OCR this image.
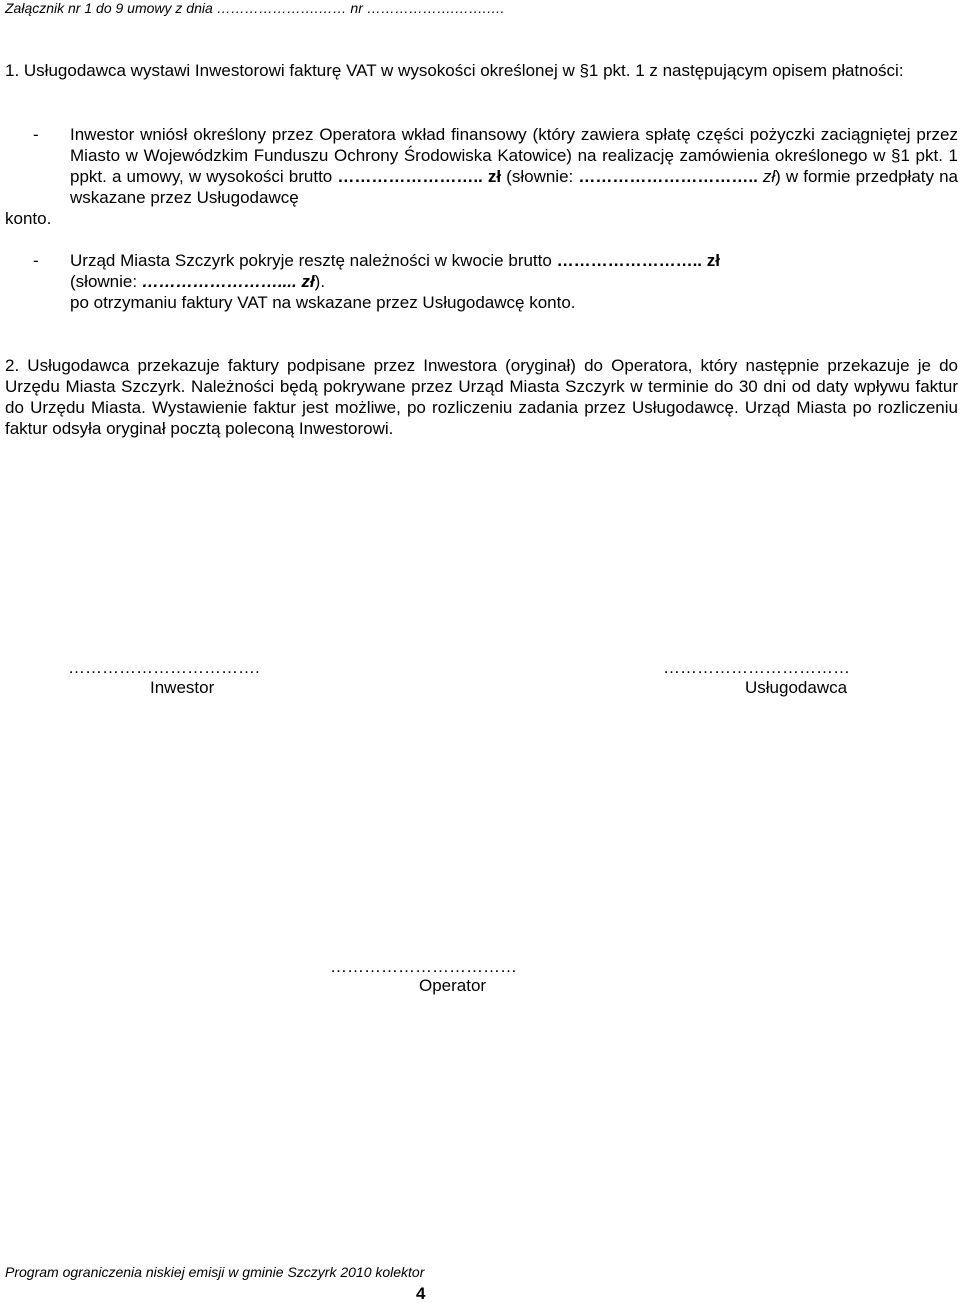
Załącznik nr 1 do 9 umowy z dnia ………………….…… nr ……………….…….….
1. Usługodawca wystawi Inwestorowi fakturę VAT w wysokości określonej w §1 pkt. 1 z następującym opisem płatności:
- Inwestor wniósł określony przez Operatora wkład finansowy (który zawiera spłatę części pożyczki zaciągniętej przez Miasto w Wojewódzkim Funduszu Ochrony Środowiska Katowice) na realizację zamówienia określonego w §1 pkt. 1 ppkt. a umowy, w wysokości brutto …………………….. zł (słownie: ………………………….. zł) w formie przedpłaty na wskazane przez Usługodawcę
konto.
- Urząd Miasta Szczyrk pokryje resztę należności w kwocie brutto …………………….. zł
(słownie: …………………….... zł).
po otrzymaniu faktury VAT na wskazane przez Usługodawcę konto.
2. Usługodawca przekazuje faktury podpisane przez Inwestora (oryginał) do Operatora, który następnie przekazuje je do Urzędu Miasta Szczyrk. Należności będą pokrywane przez Urząd Miasta Szczyrk w terminie do 30 dni od daty wpływu faktur do Urzędu Miasta. Wystawienie faktur jest możliwe, po rozliczeniu zadania przez Usługodawcę. Urząd Miasta po rozliczeniu faktur odsyła oryginał pocztą poleconą Inwestorowi.
…………………………….
Inwestor
……………………………
Usługodawca
……………………………
Operator
Program ograniczenia niskiej emisji w gminie Szczyrk 2010 kolektor
4
